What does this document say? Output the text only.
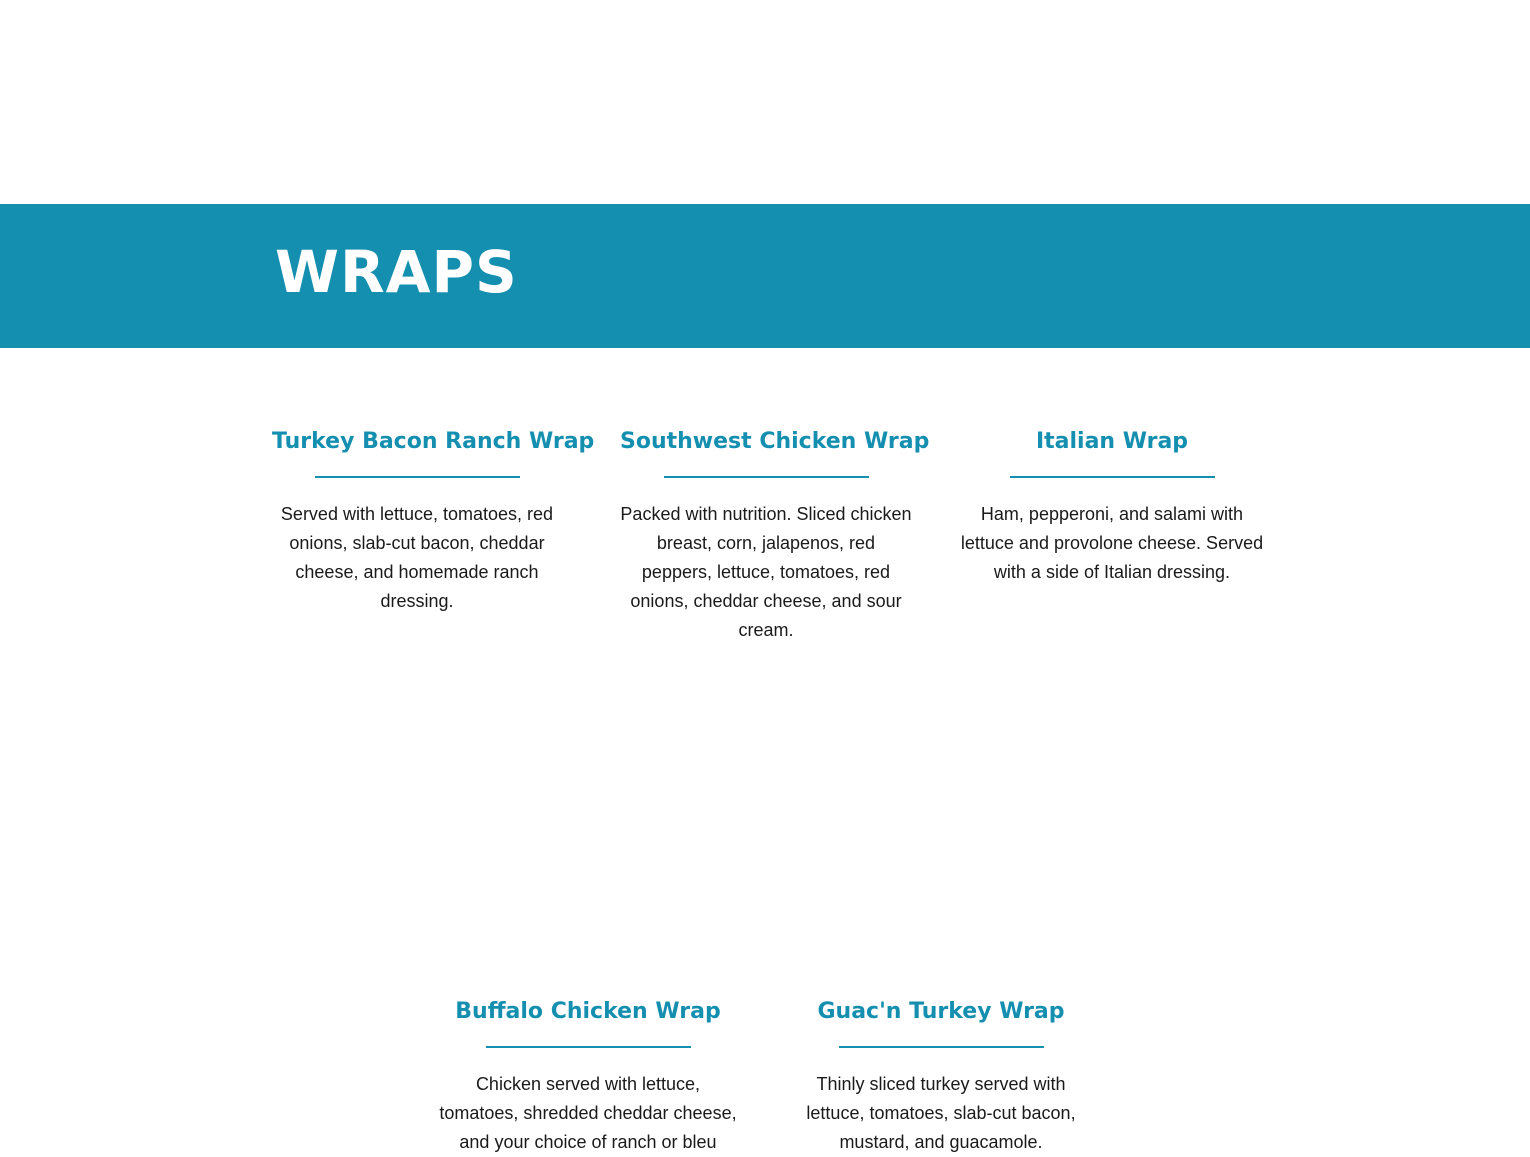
WRAPS
Turkey Bacon Ranch Wrap

Served with lettuce, tomatoes, red onions, slab-cut bacon, cheddar cheese, and homemade ranch dressing.

Southwest Chicken Wrap

Packed with nutrition. Sliced chicken breast, corn, jalapenos, red peppers, lettuce, tomatoes, red onions, cheddar cheese, and sour cream.

Italian Wrap

Ham, pepperoni, and salami with lettuce and provolone cheese. Served with a side of Italian dressing.

Buffalo Chicken Wrap

Chicken served with lettuce, tomatoes, shredded cheddar cheese, and your choice of ranch or bleu

Guac'n Turkey Wrap

Thinly sliced turkey served with lettuce, tomatoes, slab-cut bacon, mustard, and guacamole.
